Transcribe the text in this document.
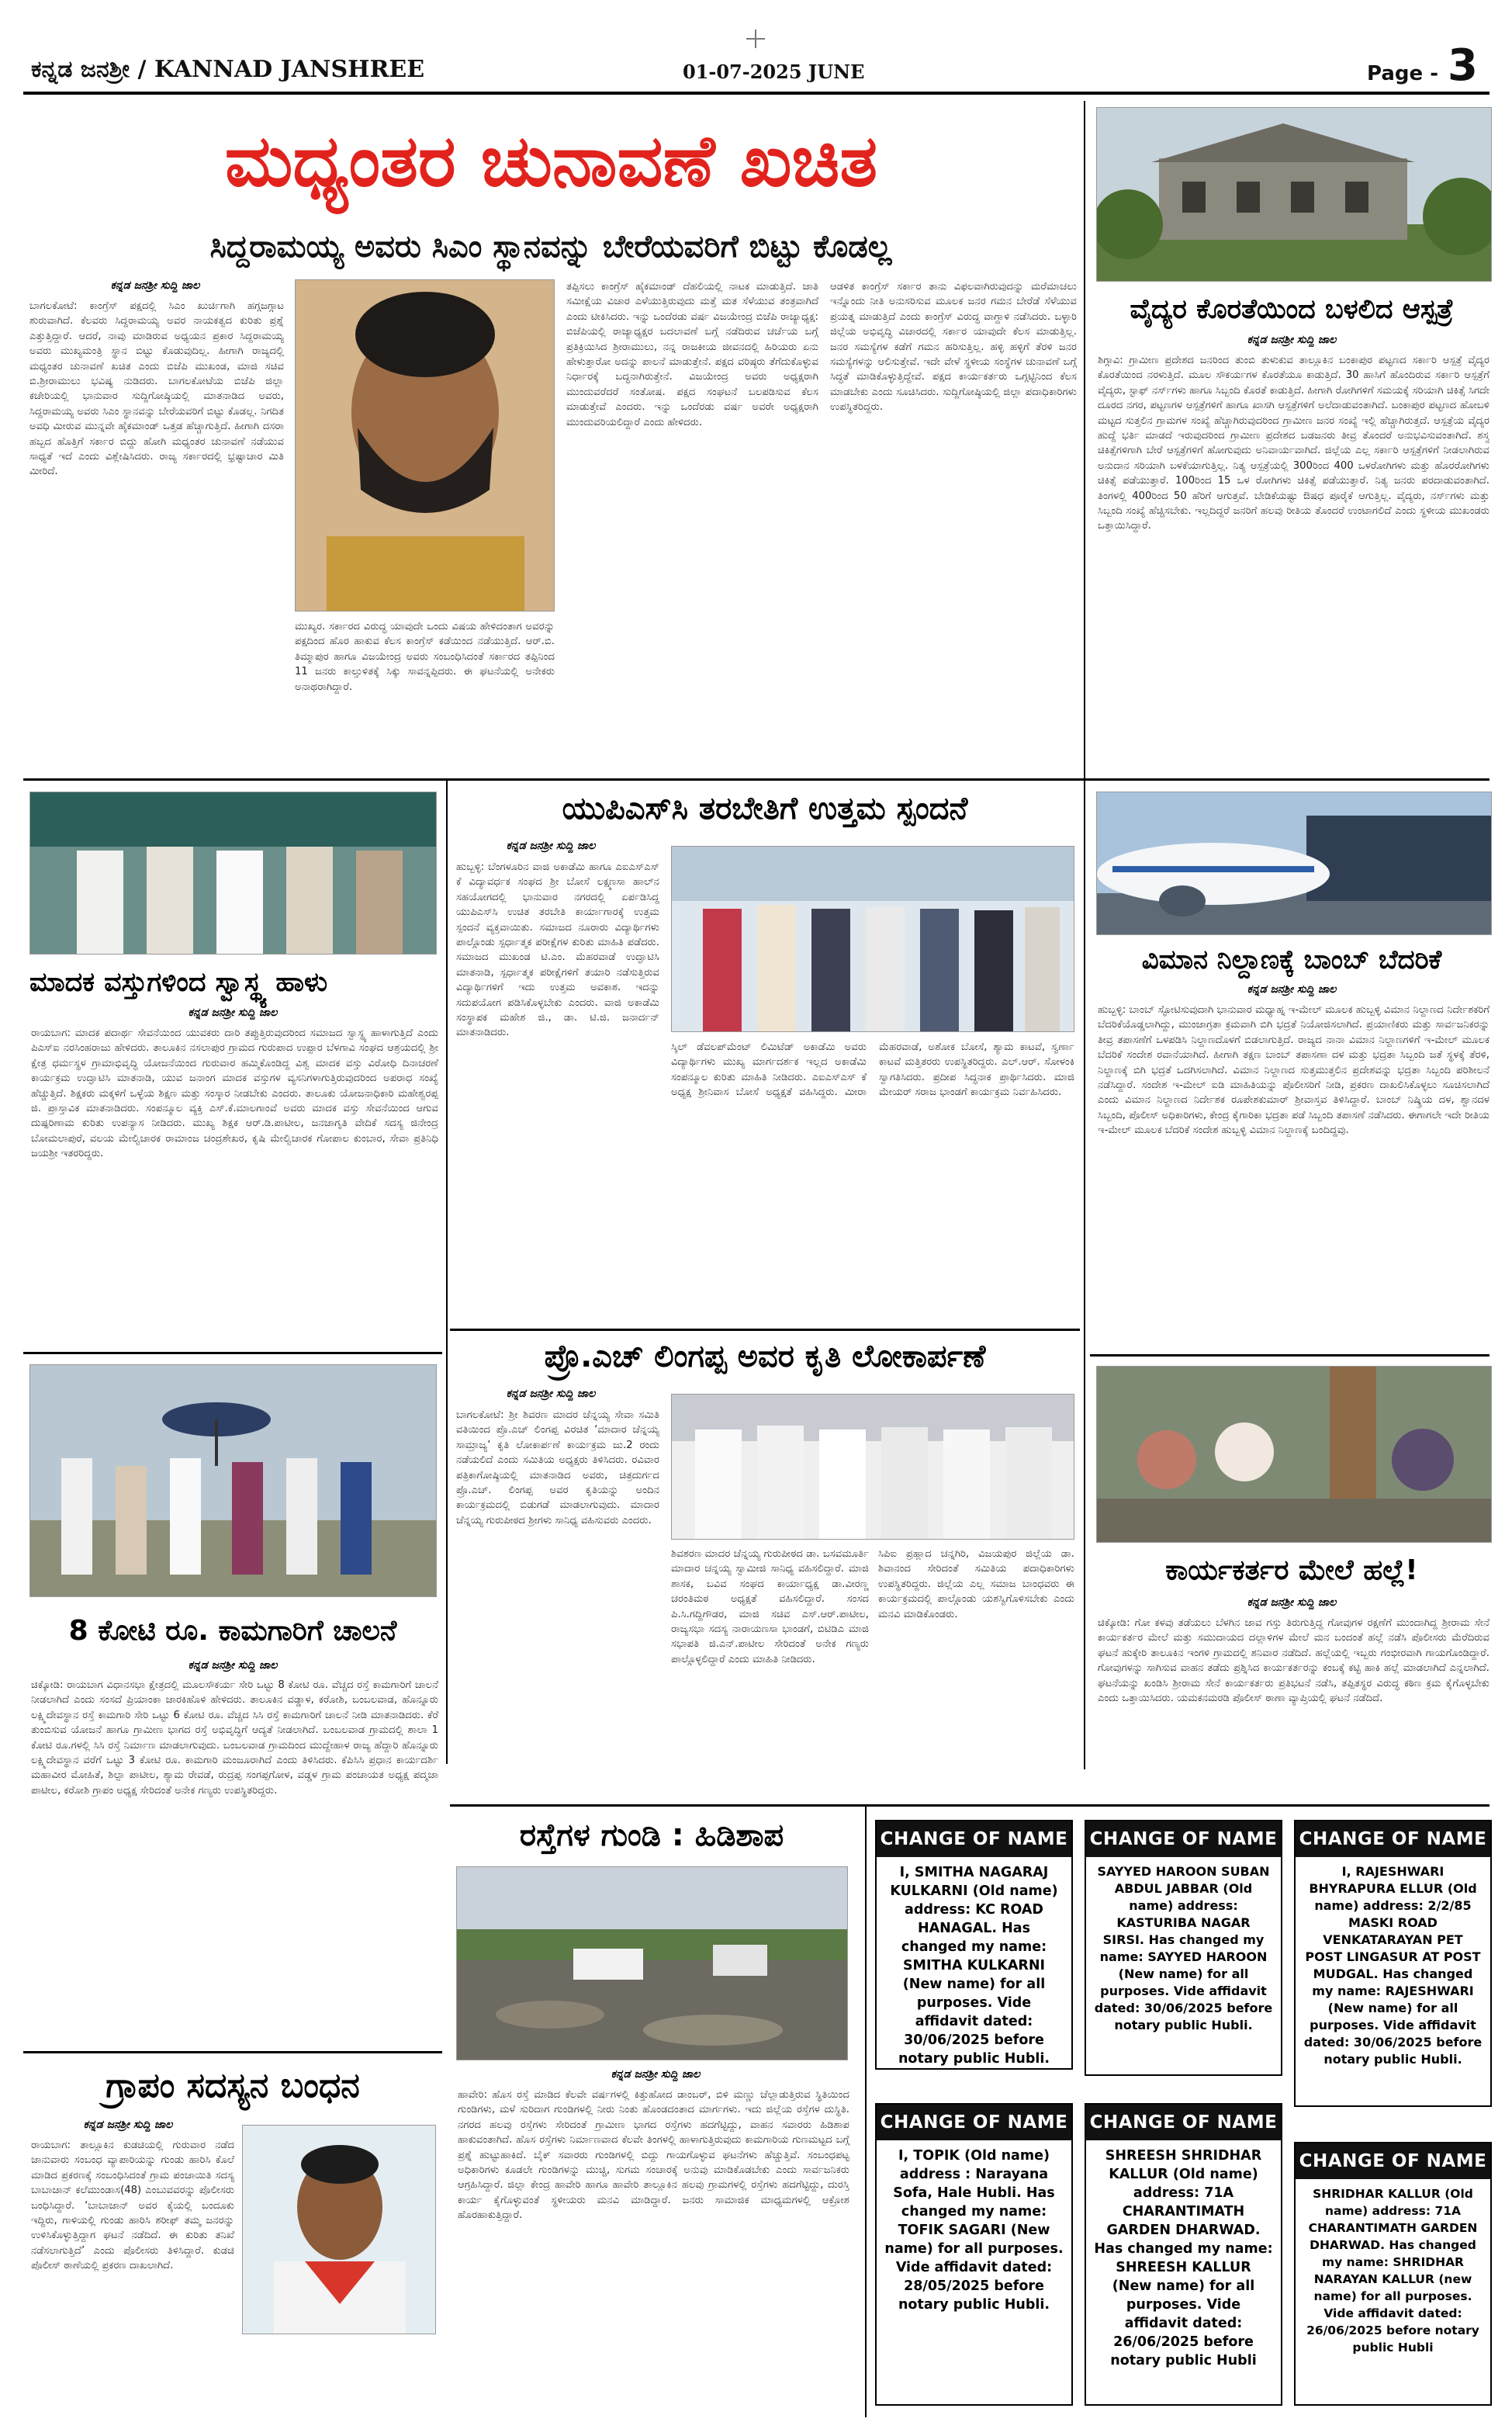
ಕನ್ನಡ ಜನಶ್ರೀ / KANNAD JANSHREE	01-07-2025 JUNE	Page - 3
ಮಧ್ಯಂತರ ಚುನಾವಣೆ ಖಚಿತ
ಸಿದ್ದರಾಮಯ್ಯ ಅವರು ಸಿಎಂ ಸ್ಥಾನವನ್ನು ಬೇರೆಯವರಿಗೆ ಬಿಟ್ಟು ಕೊಡಲ್ಲ
ಕನ್ನಡ ಜನಶ್ರೀ ಸುದ್ದಿ ಜಾಲ
ಬಾಗಲಕೋಟೆ: ಕಾಂಗ್ರೆಸ್ ಪಕ್ಷದಲ್ಲಿ ಸಿಎಂ ಖುರ್ಚಿಗಾಗಿ ಹಗ್ಗಜಗ್ಗಾಟ ಶುರುವಾಗಿದೆ. ಕೆಲವರು ಸಿದ್ದರಾಮಯ್ಯ ಅವರ ನಾಯಕತ್ವದ ಕುರಿತು ಪ್ರಶ್ನೆ ಎತ್ತುತ್ತಿದ್ದಾರೆ. ಆದರೆ, ನಾವು ಮಾಡಿರುವ ಅಧ್ಯಯನ ಪ್ರಕಾರ ಸಿದ್ದರಾಮಯ್ಯ ಅವರು ಮುಖ್ಯಮಂತ್ರಿ ಸ್ಥಾನ ಬಿಟ್ಟು ಕೊಡುವುದಿಲ್ಲ. ಹೀಗಾಗಿ ರಾಜ್ಯದಲ್ಲಿ ಮಧ್ಯಂತರ ಚುನಾವಣೆ ಖಚಿತ ಎಂದು ಬಿಜೆಪಿ ಮುಖಂಡ, ಮಾಜಿ ಸಚಿವ ಬಿ.ಶ್ರೀರಾಮುಲು ಭವಿಷ್ಯ ನುಡಿದರು. ಬಾಗಲಕೋಟೆಯ ಬಿಜೆಪಿ ಜಿಲ್ಲಾ ಕಚೇರಿಯಲ್ಲಿ ಭಾನುವಾರ ಸುದ್ದಿಗೋಷ್ಠಿಯಲ್ಲಿ ಮಾತನಾಡಿದ ಅವರು, ಸಿದ್ದರಾಮಯ್ಯ ಅವರು ಸಿಎಂ ಸ್ಥಾನವನ್ನು ಬೇರೆಯವರಿಗೆ ಬಿಟ್ಟು ಕೊಡಲ್ಲ. ನಿಗದಿತ ಅವಧಿ ಮೀರುವ ಮುನ್ನವೇ ಹೈಕಮಾಂಡ್ ಒತ್ತಡ ಹೆಚ್ಚಾಗುತ್ತಿದೆ. ಹೀಗಾಗಿ ದಸರಾ ಹಬ್ಬದ ಹೊತ್ತಿಗೆ ಸರ್ಕಾರ ಬಿದ್ದು ಹೋಗಿ ಮಧ್ಯಂತರ ಚುನಾವಣೆ ನಡೆಯುವ ಸಾಧ್ಯತೆ ಇದೆ ಎಂದು ವಿಶ್ಲೇಷಿಸಿದರು. ರಾಜ್ಯ ಸರ್ಕಾರದಲ್ಲಿ ಭ್ರಷ್ಟಾಚಾರ ಮಿತಿ ಮೀರಿದೆ.
ಮುಖ್ಯರ. ಸರ್ಕಾರದ ವಿರುದ್ಧ ಯಾವುದೇ ಒಂದು ವಿಷಯ ಹೇಳಿದಂತಾಗ ಅವರನ್ನು ಪಕ್ಷದಿಂದ ಹೊರ ಹಾಕುವ ಕೆಲಸ ಕಾಂಗ್ರೆಸ್ ಕಡೆಯಿಂದ ನಡೆಯುತ್ತಿದೆ. ಆರ್.ಬಿ. ತಿಮ್ಮಾಪುರ ಹಾಗೂ ವಿಜಯೇಂದ್ರ ಅವರು ಸಂಬಂಧಿಸಿದಂತೆ ಸರ್ಕಾರದ ತಪ್ಪಿನಿಂದ 11 ಜನರು ಕಾಲ್ತುಳಿತಕ್ಕೆ ಸಿಕ್ಕು ಸಾವನ್ನಪ್ಪಿದರು. ಈ ಘಟನೆಯಲ್ಲಿ ಅನೇಕರು ಅನಾಥರಾಗಿದ್ದಾರೆ.
ತಪ್ಪಿಸಲು ಕಾಂಗ್ರೆಸ್ ಹೈಕಮಾಂಡ್ ದೆಹಲಿಯಲ್ಲಿ ನಾಟಕ ಮಾಡುತ್ತಿದೆ. ಜಾತಿ ಸಮೀಕ್ಷೆಯ ವಿಚಾರ ಎಳೆಯುತ್ತಿರುವುದು ಮತ್ತೆ ಮತ ಸೆಳೆಯುವ ತಂತ್ರವಾಗಿದೆ ಎಂದು ಟೀಕಿಸಿದರು. ಇನ್ನು ಒಂದೆರಡು ವರ್ಷ ವಿಜಯೇಂದ್ರ ಬಿಜೆಪಿ ರಾಜ್ಯಾಧ್ಯಕ್ಷ: ಬಿಜೆಪಿಯಲ್ಲಿ ರಾಜ್ಯಾಧ್ಯಕ್ಷರ ಬದಲಾವಣೆ ಬಗ್ಗೆ ನಡೆದಿರುವ ಚರ್ಚೆಯ ಬಗ್ಗೆ ಪ್ರತಿಕ್ರಿಯಿಸಿದ ಶ್ರೀರಾಮುಲು, ನನ್ನ ರಾಜಕೀಯ ಜೀವನದಲ್ಲಿ ಹಿರಿಯರು ಏನು ಹೇಳುತ್ತಾರೋ ಅದನ್ನು ಪಾಲನೆ ಮಾಡುತ್ತೇನೆ. ಪಕ್ಷದ ವರಿಷ್ಠರು ತೆಗೆದುಕೊಳ್ಳುವ ನಿರ್ಧಾರಕ್ಕೆ ಬದ್ಧನಾಗಿರುತ್ತೇನೆ. ವಿಜಯೇಂದ್ರ ಅವರು ಅಧ್ಯಕ್ಷರಾಗಿ ಮುಂದುವರೆದರೆ ಸಂತೋಷ. ಪಕ್ಷದ ಸಂಘಟನೆ ಬಲಪಡಿಸುವ ಕೆಲಸ ಮಾಡುತ್ತೇವೆ ಎಂದರು. ಇನ್ನು ಒಂದೆರಡು ವರ್ಷ ಅವರೇ ಅಧ್ಯಕ್ಷರಾಗಿ ಮುಂದುವರಿಯಲಿದ್ದಾರೆ ಎಂದು ಹೇಳಿದರು.
ಆಡಳಿತ ಕಾಂಗ್ರೆಸ್ ಸರ್ಕಾರ ತಾನು ವಿಫಲವಾಗಿರುವುದನ್ನು ಮರೆಮಾಚಲು ಇನ್ನೊಂದು ನೀತಿ ಅನುಸರಿಸುವ ಮೂಲಕ ಜನರ ಗಮನ ಬೇರೆಡೆ ಸೆಳೆಯುವ ಪ್ರಯತ್ನ ಮಾಡುತ್ತಿದೆ ಎಂದು ಕಾಂಗ್ರೆಸ್ ವಿರುದ್ಧ ವಾಗ್ದಾಳಿ ನಡೆಸಿದರು. ಬಳ್ಳಾರಿ ಜಿಲ್ಲೆಯ ಅಭಿವೃದ್ಧಿ ವಿಚಾರದಲ್ಲಿ ಸರ್ಕಾರ ಯಾವುದೇ ಕೆಲಸ ಮಾಡುತ್ತಿಲ್ಲ. ಜನರ ಸಮಸ್ಯೆಗಳ ಕಡೆಗೆ ಗಮನ ಹರಿಸುತ್ತಿಲ್ಲ. ಹಳ್ಳಿ ಹಳ್ಳಿಗೆ ತೆರಳಿ ಜನರ ಸಮಸ್ಯೆಗಳನ್ನು ಆಲಿಸುತ್ತೇವೆ. ಇದೇ ವೇಳೆ ಸ್ಥಳೀಯ ಸಂಸ್ಥೆಗಳ ಚುನಾವಣೆ ಬಗ್ಗೆ ಸಿದ್ಧತೆ ಮಾಡಿಕೊಳ್ಳುತ್ತಿದ್ದೇವೆ. ಪಕ್ಷದ ಕಾರ್ಯಕರ್ತರು ಒಗ್ಗಟ್ಟಿನಿಂದ ಕೆಲಸ ಮಾಡಬೇಕು ಎಂದು ಸೂಚಿಸಿದರು. ಸುದ್ದಿಗೋಷ್ಠಿಯಲ್ಲಿ ಜಿಲ್ಲಾ ಪದಾಧಿಕಾರಿಗಳು ಉಪಸ್ಥಿತರಿದ್ದರು.
ವೈದ್ಯರ ಕೊರತೆಯಿಂದ ಬಳಲಿದ ಆಸ್ಪತ್ರೆ
ಕನ್ನಡ ಜನಶ್ರೀ ಸುದ್ದಿ ಜಾಲ
ಶಿಗ್ಗಾವಿ: ಗ್ರಾಮೀಣ ಪ್ರದೇಶದ ಜನರಿಂದ ತುಂಬಿ ತುಳುಕುವ ತಾಲ್ಲೂಕಿನ ಬಂಕಾಪುರ ಪಟ್ಟಣದ ಸರ್ಕಾರಿ ಆಸ್ಪತ್ರೆ ವೈದ್ಯರ ಕೊರತೆಯಿಂದ ನರಳುತ್ತಿದೆ. ಮೂಲ ಸೌಕರ್ಯಗಳ ಕೊರತೆಯೂ ಕಾಡುತ್ತಿದೆ. 30 ಹಾಸಿಗೆ ಹೊಂದಿರುವ ಸರ್ಕಾರಿ ಆಸ್ಪತ್ರೆಗೆ ವೈದ್ಯರು, ಸ್ಟಾಫ್ ನರ್ಸ್‌ಗಳು ಹಾಗೂ ಸಿಬ್ಬಂದಿ ಕೊರತೆ ಕಾಡುತ್ತಿದೆ. ಹೀಗಾಗಿ ರೋಗಿಗಳಿಗೆ ಸಮಯಕ್ಕೆ ಸರಿಯಾಗಿ ಚಿಕಿತ್ಸೆ ಸಿಗದೇ ದೂರದ ನಗರ, ಪಟ್ಟಣಗಳ ಆಸ್ಪತ್ರೆಗಳಿಗೆ ಹಾಗೂ ಖಾಸಗಿ ಆಸ್ಪತ್ರೆಗಳಿಗೆ ಅಲೆದಾಡುವಂತಾಗಿದೆ. ಬಂಕಾಪುರ ಪಟ್ಟಣದ ಹೋಬಳಿ ಮಟ್ಟದ ಸುತ್ತಲಿನ ಗ್ರಾಮಗಳ ಸಂಖ್ಯೆ ಹೆಚ್ಚಾಗಿರುವುದರಿಂದ ಗ್ರಾಮೀಣ ಜನರ ಸಂಖ್ಯೆ ಇಲ್ಲಿ ಹೆಚ್ಚಾಗಿರುತ್ತದೆ. ಆಸ್ಪತ್ರೆಯ ವೈದ್ಯರ ಹುದ್ದೆ ಭರ್ತಿ ಮಾಡದೆ ಇರುವುದರಿಂದ ಗ್ರಾಮೀಣ ಪ್ರದೇಶದ ಬಡಜನರು ತೀವ್ರ ತೊಂದರೆ ಅನುಭವಿಸುವಂತಾಗಿದೆ. ಶಸ್ತ್ರ ಚಿಕಿತ್ಸೆಗಳಿಗಾಗಿ ಬೇರೆ ಆಸ್ಪತ್ರೆಗಳಿಗೆ ಹೋಗುವುದು ಅನಿವಾರ್ಯವಾಗಿದೆ. ಜಿಲ್ಲೆಯ ಎಲ್ಲ ಸರ್ಕಾರಿ ಆಸ್ಪತ್ರೆಗಳಿಗೆ ನೀಡಲಾಗಿರುವ ಅನುದಾನ ಸರಿಯಾಗಿ ಬಳಕೆಯಾಗುತ್ತಿಲ್ಲ. ನಿತ್ಯ ಆಸ್ಪತ್ರೆಯಲ್ಲಿ 300ರಿಂದ 400 ಒಳರೋಗಿಗಳು ಮತ್ತು ಹೊರರೋಗಿಗಳು ಚಿಕಿತ್ಸೆ ಪಡೆಯುತ್ತಾರೆ. 100ರಿಂದ 15 ಒಳ ರೋಗಿಗಳು ಚಿಕಿತ್ಸೆ ಪಡೆಯುತ್ತಾರೆ. ನಿತ್ಯ ಜನರು ಪರದಾಡುವಂತಾಗಿದೆ. ತಿಂಗಳಲ್ಲಿ 400ರಿಂದ 50 ಹೆರಿಗೆ ಆಗುತ್ತವೆ. ಬೇಡಿಕೆಯಷ್ಟು ಔಷಧ ಪೂರೈಕೆ ಆಗುತ್ತಿಲ್ಲ. ವೈದ್ಯರು, ನರ್ಸ್‌ಗಳು ಮತ್ತು ಸಿಬ್ಬಂದಿ ಸಂಖ್ಯೆ ಹೆಚ್ಚಿಸಬೇಕು. ಇಲ್ಲದಿದ್ದರೆ ಜನರಿಗೆ ಹಲವು ರೀತಿಯ ತೊಂದರೆ ಉಂಟಾಗಲಿದೆ ಎಂದು ಸ್ಥಳೀಯ ಮುಖಂಡರು ಒತ್ತಾಯಿಸಿದ್ದಾರೆ.
ಮಾದಕ ವಸ್ತುಗಳಿಂದ ಸ್ವಾಸ್ಥ್ಯ ಹಾಳು
ಕನ್ನಡ ಜನಶ್ರೀ ಸುದ್ದಿ ಜಾಲ
ರಾಯಬಾಗ: ಮಾದಕ ಪದಾರ್ಥ ಸೇವನೆಯಿಂದ ಯುವಕರು ದಾರಿ ತಪ್ಪುತ್ತಿರುವುದರಿಂದ ಸಮಾಜದ ಸ್ವಾಸ್ಥ್ಯ ಹಾಳಾಗುತ್ತಿದೆ ಎಂದು ಪಿಎಸ್‌ಐ ನರಸಿಂಹರಾಜು ಹೇಳಿದರು. ತಾಲೂಕಿನ ನಸಲಾಪುರ ಗ್ರಾಮದ ಗುರುಪಾದ ಉಪ್ಪಾರ ಬೆಳಗಾವಿ ಸಂಘದ ಆಶ್ರಯದಲ್ಲಿ ಶ್ರೀ ಕ್ಷೇತ್ರ ಧರ್ಮಸ್ಥಳ ಗ್ರಾಮಾಭಿವೃದ್ಧಿ ಯೋಜನೆಯಿಂದ ಗುರುವಾರ ಹಮ್ಮಿಕೊಂಡಿದ್ದ ವಿಶ್ವ ಮಾದಕ ವಸ್ತು ವಿರೋಧಿ ದಿನಾಚರಣೆ ಕಾರ್ಯಕ್ರಮ ಉದ್ಘಾಟಿಸಿ ಮಾತನಾಡಿ, ಯುವ ಜನಾಂಗ ಮಾದಕ ವಸ್ತುಗಳ ವ್ಯಸನಿಗಳಾಗುತ್ತಿರುವುದರಿಂದ ಅಪರಾಧ ಸಂಖ್ಯೆ ಹೆಚ್ಚುತ್ತಿದೆ. ಶಿಕ್ಷಕರು ಮಕ್ಕಳಿಗೆ ಒಳ್ಳೆಯ ಶಿಕ್ಷಣ ಮತ್ತು ಸಂಸ್ಕಾರ ನೀಡಬೇಕು ಎಂದರು. ತಾಲೂಕು ಯೋಜನಾಧಿಕಾರಿ ಮಹೇಶ್ವರಪ್ಪ ಜಿ. ಪ್ರಾಸ್ತಾವಿಕ ಮಾತನಾಡಿದರು. ಸಂಪನ್ಮೂಲ ವ್ಯಕ್ತಿ ಎಸ್.ಕೆ.ಮಾಲಗಾಂವೆ ಅವರು ಮಾದಕ ವಸ್ತು ಸೇವನೆಯಿಂದ ಆಗುವ ದುಷ್ಪರಿಣಾಮ ಕುರಿತು ಉಪನ್ಯಾಸ ನೀಡಿದರು. ಮುಖ್ಯ ಶಿಕ್ಷಕ ಆರ್.ಡಿ.ಪಾಟೀಲ, ಜನಜಾಗೃತಿ ವೇದಿಕೆ ಸದಸ್ಯ ಜಿನೇಂದ್ರ ಬೋಮಲಾಪುರೆ, ವಲಯ ಮೇಲ್ವಿಚಾರಕ ರಾಮಾಂಜ ಚಂದ್ರಶೇಖರ, ಕೃಷಿ ಮೇಲ್ವಿಚಾರಕ ಗೋಪಾಲ ಕುಂಬಾರ, ಸೇವಾ ಪ್ರತಿನಿಧಿ ಜಯಶ್ರೀ ಇತರರಿದ್ದರು.
ಯುಪಿಎಸ್‌ಸಿ ತರಬೇತಿಗೆ ಉತ್ತಮ ಸ್ಪಂದನೆ
ಕನ್ನಡ ಜನಶ್ರೀ ಸುದ್ದಿ ಜಾಲ
ಹುಬ್ಬಳ್ಳಿ: ಬೆಂಗಳೂರಿನ ವಾಜಿ ಅಕಾಡೆಮಿ ಹಾಗೂ ಎಐಎಸ್‌ಎಸ್ ಕೆ ವಿದ್ಯಾವರ್ಧಕ ಸಂಘದ ಶ್ರೀ ಬೋಸೆ ಲಕ್ಷ್ಮಣಸಾ ಹಾಲ್‌ನ ಸಹಯೋಗದಲ್ಲಿ ಭಾನುವಾರ ನಗರದಲ್ಲಿ ಏರ್ಪಡಿಸಿದ್ದ ಯುಪಿಎಸ್‌ಸಿ ಉಚಿತ ತರಬೇತಿ ಕಾರ್ಯಾಗಾರಕ್ಕೆ ಉತ್ತಮ ಸ್ಪಂದನೆ ವ್ಯಕ್ತವಾಯಿತು. ಸಮಾಜದ ನೂರಾರು ವಿದ್ಯಾರ್ಥಿಗಳು ಪಾಲ್ಗೊಂಡು ಸ್ಪರ್ಧಾತ್ಮಕ ಪರೀಕ್ಷೆಗಳ ಕುರಿತು ಮಾಹಿತಿ ಪಡೆದರು. ಸಮಾಜದ ಮುಖಂಡ ಟಿ.ಎಂ. ಮೆಹರವಾಡೆ ಉದ್ಘಾಟಿಸಿ ಮಾತನಾಡಿ, ಸ್ಪರ್ಧಾತ್ಮಕ ಪರೀಕ್ಷೆಗಳಿಗೆ ತಯಾರಿ ನಡೆಸುತ್ತಿರುವ ವಿದ್ಯಾರ್ಥಿಗಳಿಗೆ ಇದು ಉತ್ತಮ ಅವಕಾಶ. ಇದನ್ನು ಸದುಪಯೋಗ ಪಡಿಸಿಕೊಳ್ಳಬೇಕು ಎಂದರು. ವಾಜಿ ಅಕಾಡೆಮಿ ಸಂಸ್ಥಾಪಕ ಮಹೇಶ ಜಿ., ಡಾ. ಟಿ.ಜಿ. ಜನಾರ್ದನ್ ಮಾತನಾಡಿದರು.
ಸ್ಕಿಲ್ ಡೆವಲಪ್‌ಮೆಂಟ್ ಲಿಮಿಟೆಡ್ ಅಕಾಡೆಮಿ ಅವರು ವಿದ್ಯಾರ್ಥಿಗಳು ಮುಖ್ಯ ಮಾರ್ಗದರ್ಶಕ ಇಲ್ಲದ ಅಕಾಡೆಮಿ ಸಂಪನ್ಮೂಲ ಕುರಿತು ಮಾಹಿತಿ ನೀಡಿದರು. ಎಐಎಸ್‌ಎಸ್ ಕೆ ಅಧ್ಯಕ್ಷ ಶ್ರೀನಿವಾಸ ಬೋಸೆ ಅಧ್ಯಕ್ಷತೆ ವಹಿಸಿದ್ದರು. ಮೀರಾ ಮೆಹರವಾಡೆ, ಅಶೋಕ ಬೋಸೆ, ಶ್ಯಾಮ ಕಾಟವೆ, ಸ್ವರ್ಣಾ ಕಾಟವೆ ಮತ್ತಿತರರು ಉಪಸ್ಥಿತರಿದ್ದರು. ಎಲ್.ಆರ್. ಸೋಳಂಕಿ ಸ್ವಾಗತಿಸಿದರು. ಪ್ರದೀಪ ಸಿದ್ಧನಾಕ ಪ್ರಾರ್ಥಿಸಿದರು. ಮಾಜಿ ಮೇಯರ್ ಸರಾಜ ಭಾಂಡಗೆ ಕಾರ್ಯಕ್ರಮ ನಿರ್ವಹಿಸಿದರು.
ವಿಮಾನ ನಿಲ್ದಾಣಕ್ಕೆ ಬಾಂಬ್ ಬೆದರಿಕೆ
ಕನ್ನಡ ಜನಶ್ರೀ ಸುದ್ದಿ ಜಾಲ
ಹುಬ್ಬಳ್ಳಿ: ಬಾಂಬ್ ಸ್ಫೋಟಿಸುವುದಾಗಿ ಭಾನುವಾರ ಮಧ್ಯಾಹ್ನ ಇ-ಮೇಲ್ ಮೂಲಕ ಹುಬ್ಬಳ್ಳಿ ವಿಮಾನ ನಿಲ್ದಾಣದ ನಿರ್ದೇಶಕರಿಗೆ ಬೆದರಿಕೆಯೊಡ್ಡಲಾಗಿದ್ದು, ಮುಂಜಾಗ್ರತಾ ಕ್ರಮವಾಗಿ ಬಿಗಿ ಭದ್ರತೆ ನಿಯೋಜಿಸಲಾಗಿದೆ. ಪ್ರಯಾಣಿಕರು ಮತ್ತು ಸಾರ್ವಜನಿಕರನ್ನು ತೀವ್ರ ತಪಾಸಣೆಗೆ ಒಳಪಡಿಸಿ ನಿಲ್ದಾಣದೊಳಗೆ ಬಿಡಲಾಗುತ್ತಿದೆ. ರಾಜ್ಯದ ನಾನಾ ವಿಮಾನ ನಿಲ್ದಾಣಗಳಿಗೆ ಇ-ಮೇಲ್ ಮೂಲಕ ಬೆದರಿಕೆ ಸಂದೇಶ ರವಾನೆಯಾಗಿದೆ. ಹೀಗಾಗಿ ತಕ್ಷಣ ಬಾಂಬ್ ತಪಾಸಣಾ ದಳ ಮತ್ತು ಭದ್ರತಾ ಸಿಬ್ಬಂದಿ ಜತೆ ಸ್ಥಳಕ್ಕೆ ತೆರಳಿ, ನಿಲ್ದಾಣಕ್ಕೆ ಬಿಗಿ ಭದ್ರತೆ ಒದಗಿಸಲಾಗಿದೆ. ವಿಮಾನ ನಿಲ್ದಾಣದ ಸುತ್ತಮುತ್ತಲಿನ ಪ್ರದೇಶವನ್ನು ಭದ್ರತಾ ಸಿಬ್ಬಂದಿ ಪರಿಶೀಲನೆ ನಡೆಸಿದ್ದಾರೆ. ಸಂದೇಶ ಇ-ಮೇಲ್ ಐಡಿ ಮಾಹಿತಿಯನ್ನು ಪೊಲೀಸರಿಗೆ ನೀಡಿ, ಪ್ರಕರಣ ದಾಖಲಿಸಿಕೊಳ್ಳಲು ಸೂಚಿಸಲಾಗಿದೆ ಎಂದು ವಿಮಾನ ನಿಲ್ದಾಣದ ನಿರ್ದೇಶಕ ರೂಪೇಶಕುಮಾರ್ ಶ್ರೀವಾಸ್ತವ ತಿಳಿಸಿದ್ದಾರೆ. ಬಾಂಬ್ ನಿಷ್ಕ್ರಿಯ ದಳ, ಶ್ವಾನದಳ ಸಿಬ್ಬಂದಿ, ಪೊಲೀಸ್ ಅಧಿಕಾರಿಗಳು, ಕೇಂದ್ರ ಕೈಗಾರಿಕಾ ಭದ್ರತಾ ಪಡೆ ಸಿಬ್ಬಂದಿ ತಪಾಸಣೆ ನಡೆಸಿದರು. ಈಗಾಗಲೇ ಇದೇ ರೀತಿಯ ಇ-ಮೇಲ್ ಮೂಲಕ ಬೆದರಿಕೆ ಸಂದೇಶ ಹುಬ್ಬಳ್ಳಿ ವಿಮಾನ ನಿಲ್ದಾಣಕ್ಕೆ ಬಂದಿದ್ದವು.
ಪ್ರೊ.ಎಚ್ ಲಿಂಗಪ್ಪ ಅವರ ಕೃತಿ ಲೋಕಾರ್ಪಣೆ
ಕನ್ನಡ ಜನಶ್ರೀ ಸುದ್ದಿ ಜಾಲ
ಬಾಗಲಕೋಟೆ: ಶ್ರೀ ಶಿವರಣ ಮಾದರ ಚೆನ್ನಯ್ಯ ಸೇವಾ ಸಮಿತಿ ವತಿಯಿಂದ ಪ್ರೊ.ಎಚ್ ಲಿಂಗಪ್ಪ ವಿರಚಿತ ‘ಮಾದಾರ ಚೆನ್ನಯ್ಯ ಸಾಮ್ರಾಜ್ಯ’ ಕೃತಿ ಲೋಕಾರ್ಪಣೆ ಕಾರ್ಯಕ್ರಮ ಜು.2 ರಂದು ನಡೆಯಲಿದೆ ಎಂದು ಸಮಿತಿಯ ಅಧ್ಯಕ್ಷರು ತಿಳಿಸಿದರು. ರವಿವಾರ ಪತ್ರಿಕಾಗೋಷ್ಠಿಯಲ್ಲಿ ಮಾತನಾಡಿದ ಅವರು, ಚಿತ್ರದುರ್ಗದ ಪ್ರೊ.ಎಚ್. ಲಿಂಗಪ್ಪ ಅವರ ಕೃತಿಯನ್ನು ಅಂದಿನ ಕಾರ್ಯಕ್ರಮದಲ್ಲಿ ಬಿಡುಗಡೆ ಮಾಡಲಾಗುವುದು. ಮಾದಾರ ಚೆನ್ನಯ್ಯ ಗುರುಪೀಠದ ಶ್ರೀಗಳು ಸಾನಿಧ್ಯ ವಹಿಸುವರು ಎಂದರು.
ಶಿವಶರಣ ಮಾದರ ಚೆನ್ನಯ್ಯ ಗುರುಪೀಠದ ಡಾ. ಬಸವಮೂರ್ತಿ ಮಾದಾರ ಚನ್ನಯ್ಯ ಸ್ವಾಮೀಜಿ ಸಾನಿಧ್ಯ ವಹಿಸಲಿದ್ದಾರೆ. ಮಾಜಿ ಶಾಸಕ, ಬವಿವ ಸಂಘದ ಕಾರ್ಯಾಧ್ಯಕ್ಷ ಡಾ.ವೀರಣ್ಣ ಚರಂತಿಮಠ ಅಧ್ಯಕ್ಷತೆ ವಹಿಸಲಿದ್ದಾರೆ. ಸಂಸದ ಪಿ.ಸಿ.ಗದ್ದಿಗೌಡರ, ಮಾಜಿ ಸಚಿವ ಎಸ್.ಆರ್.ಪಾಟೀಲ, ರಾಜ್ಯಸಭಾ ಸದಸ್ಯ ನಾರಾಯಣಸಾ ಭಾಂಡಗೆ, ಬಿಟಿಡಿಎ ಮಾಜಿ ಸಭಾಪತಿ ಜಿ.ಎನ್.ಪಾಟೀಲ ಸೇರಿದಂತೆ ಅನೇಕ ಗಣ್ಯರು ಪಾಲ್ಗೊಳ್ಳಲಿದ್ದಾರೆ ಎಂದು ಮಾಹಿತಿ ನೀಡಿದರು.
ಸಿಪಿಐ ಪ್ರಹ್ಲಾದ ಚನ್ನಗಿರಿ, ವಿಜಯಪುರ ಜಿಲ್ಲೆಯ ಡಾ. ಶಿವಾನಂದ ಸೇರಿದಂತೆ ಸಮಿತಿಯ ಪದಾಧಿಕಾರಿಗಳು ಉಪಸ್ಥಿತರಿದ್ದರು. ಜಿಲ್ಲೆಯ ಎಲ್ಲ ಸಮಾಜ ಬಾಂಧವರು ಈ ಕಾರ್ಯಕ್ರಮದಲ್ಲಿ ಪಾಲ್ಗೊಂಡು ಯಶಸ್ವಿಗೊಳಿಸಬೇಕು ಎಂದು ಮನವಿ ಮಾಡಿಕೊಂಡರು.
8 ಕೋಟಿ ರೂ. ಕಾಮಗಾರಿಗೆ ಚಾಲನೆ
ಕನ್ನಡ ಜನಶ್ರೀ ಸುದ್ದಿ ಜಾಲ
ಚಿಕ್ಕೋಡಿ: ರಾಯಬಾಗ ವಿಧಾನಸಭಾ ಕ್ಷೇತ್ರದಲ್ಲಿ ಮೂಲಸೌಕರ್ಯ ಸೇರಿ ಒಟ್ಟು 8 ಕೋಟಿ ರೂ. ವೆಚ್ಚದ ರಸ್ತೆ ಕಾಮಗಾರಿಗೆ ಚಾಲನೆ ನೀಡಲಾಗಿದೆ ಎಂದು ಸಂಸದೆ ಪ್ರಿಯಾಂಕಾ ಜಾರಕಿಹೊಳಿ ಹೇಳಿದರು. ತಾಲೂಕಿನ ವಡ್ಡಾಳ, ಕರೋಶಿ, ಬಂಬಲವಾಡ, ಹೊನ್ನೂರು ಲಕ್ಷ್ಮಿದೇವಸ್ಥಾನ ರಸ್ತೆ ಕಾಮಗಾರಿ ಸೇರಿ ಒಟ್ಟು 6 ಕೋಟಿ ರೂ. ವೆಚ್ಚದ ಸಿಸಿ ರಸ್ತೆ ಕಾಮಗಾರಿಗೆ ಚಾಲನೆ ನೀಡಿ ಮಾತನಾಡಿದರು. ಕೆರೆ ತುಂಬಿಸುವ ಯೋಜನೆ ಹಾಗೂ ಗ್ರಾಮೀಣ ಭಾಗದ ರಸ್ತೆ ಅಭಿವೃದ್ಧಿಗೆ ಆದ್ಯತೆ ನೀಡಲಾಗಿದೆ. ಬಂಬಲವಾಡ ಗ್ರಾಮದಲ್ಲಿ ಶಾಲಾ 1 ಕೋಟಿ ರೂ.ಗಳಲ್ಲಿ ಸಿಸಿ ರಸ್ತೆ ನಿರ್ಮಾಣ ಮಾಡಲಾಗುವುದು. ಬಂಬಲವಾಡ ಗ್ರಾಮದಿಂದ ಮುದ್ದೇಹಾಳ ರಾಜ್ಯ ಹೆದ್ದಾರಿ ಹೊನ್ನೂರು ಲಕ್ಷ್ಮಿದೇವಸ್ಥಾನ ವರೆಗೆ ಒಟ್ಟು 3 ಕೋಟಿ ರೂ. ಕಾಮಗಾರಿ ಮಂಜೂರಾಗಿದೆ ಎಂದು ತಿಳಿಸಿದರು. ಕೆಪಿಸಿಸಿ ಪ್ರಧಾನ ಕಾರ್ಯದರ್ಶಿ ಮಹಾವೀರ ಮೋಹಿತೆ, ಶಿಲ್ಪಾ ಪಾಟೀಲ, ಶ್ಯಾಮ ರೇವಡೆ, ರುದ್ರಪ್ಪ ಸಂಗಪ್ಪಗೋಳ, ವಡ್ಡಳ ಗ್ರಾಮ ಪಂಚಾಯತ ಅಧ್ಯಕ್ಷ ಪದ್ಮಜಾ ಪಾಟೀಲ, ಕರೋಶಿ ಗ್ರಾಪಂ ಅಧ್ಯಕ್ಷ ಸೇರಿದಂತೆ ಅನೇಕ ಗಣ್ಯರು ಉಪಸ್ಥಿತರಿದ್ದರು.
ಕಾರ್ಯಕರ್ತರ ಮೇಲೆ ಹಲ್ಲೆ!
ಕನ್ನಡ ಜನಶ್ರೀ ಸುದ್ದಿ ಜಾಲ
ಚಿಕ್ಕೋಡಿ: ಗೋ ಕಳವು ತಡೆಯಲು ಬೆಳಗಿನ ಜಾವ ಗಸ್ತು ತಿರುಗುತ್ತಿದ್ದ ಗೋವುಗಳ ರಕ್ಷಣೆಗೆ ಮುಂದಾಗಿದ್ದ ಶ್ರೀರಾಮ ಸೇನೆ ಕಾರ್ಯಕರ್ತರ ಮೇಲೆ ಮತ್ತು ಸಮುದಾಯದ ದಲ್ಲಾಳಿಗಳ ಮೇಲೆ ಮನ ಬಂದಂತೆ ಹಲ್ಲೆ ನಡೆಸಿ ಪೊಲೀಸರು ಮೆರೆದಿರುವ ಘಟನೆ ಹುಕ್ಕೇರಿ ತಾಲೂಕಿನ ಇಂಗಳಿ ಗ್ರಾಮದಲ್ಲಿ ಶನಿವಾರ ನಡೆದಿದೆ. ಹಲ್ಲೆಯಲ್ಲಿ ಇಬ್ಬರು ಗಂಭೀರವಾಗಿ ಗಾಯಗೊಂಡಿದ್ದಾರೆ. ಗೋವುಗಳನ್ನು ಸಾಗಿಸುವ ವಾಹನ ತಡೆದು ಪ್ರಶ್ನಿಸಿದ ಕಾರ್ಯಕರ್ತರನ್ನು ಕಂಬಕ್ಕೆ ಕಟ್ಟಿ ಹಾಕಿ ಹಲ್ಲೆ ಮಾಡಲಾಗಿದೆ ಎನ್ನಲಾಗಿದೆ. ಘಟನೆಯನ್ನು ಖಂಡಿಸಿ ಶ್ರೀರಾಮ ಸೇನೆ ಕಾರ್ಯಕರ್ತರು ಪ್ರತಿಭಟನೆ ನಡೆಸಿ, ತಪ್ಪಿತಸ್ಥರ ವಿರುದ್ಧ ಕಠಿಣ ಕ್ರಮ ಕೈಗೊಳ್ಳಬೇಕು ಎಂದು ಒತ್ತಾಯಿಸಿದರು. ಯಮಕನಮರಡಿ ಪೊಲೀಸ್ ಠಾಣಾ ವ್ಯಾಪ್ತಿಯಲ್ಲಿ ಘಟನೆ ನಡೆದಿದೆ.
ರಸ್ತೆಗಳ ಗುಂಡಿ : ಹಿಡಿಶಾಪ
ಕನ್ನಡ ಜನಶ್ರೀ ಸುದ್ದಿ ಜಾಲ
ಹಾವೇರಿ: ಹೊಸ ರಸ್ತೆ ಮಾಡಿದ ಕೆಲವೇ ವರ್ಷಗಳಲ್ಲಿ ಕಿತ್ತುಹೋದ ಡಾಂಬರ್, ಬಿಳಿ ಮಣ್ಣು ಚೆಲ್ಲಾಡುತ್ತಿರುವ ಸ್ಥಿತಿಯಿಂದ ಗುಂಡಿಗಳು, ಮಳೆ ಸುರಿದಾಗ ಗುಂಡಿಗಳಲ್ಲಿ ನೀರು ನಿಂತು ಹೊಂಡದಂತಾದ ಮಾರ್ಗಗಳು. ಇದು ಜಿಲ್ಲೆಯ ರಸ್ತೆಗಳ ದುಸ್ಥಿತಿ. ನಗರದ ಹಲವು ರಸ್ತೆಗಳು ಸೇರಿದಂತೆ ಗ್ರಾಮೀಣ ಭಾಗದ ರಸ್ತೆಗಳು ಹದಗೆಟ್ಟಿದ್ದು, ವಾಹನ ಸವಾರರು ಹಿಡಿಶಾಪ ಹಾಕುವಂತಾಗಿದೆ. ಹೊಸ ರಸ್ತೆಗಳು ನಿರ್ಮಾಣವಾದ ಕೆಲವೇ ತಿಂಗಳಲ್ಲಿ ಹಾಳಾಗುತ್ತಿರುವುದು ಕಾಮಗಾರಿಯ ಗುಣಮಟ್ಟದ ಬಗ್ಗೆ ಪ್ರಶ್ನೆ ಹುಟ್ಟುಹಾಕಿದೆ. ಬೈಕ್ ಸವಾರರು ಗುಂಡಿಗಳಲ್ಲಿ ಬಿದ್ದು ಗಾಯಗೊಳ್ಳುವ ಘಟನೆಗಳು ಹೆಚ್ಚುತ್ತಿವೆ. ಸಂಬಂಧಪಟ್ಟ ಅಧಿಕಾರಿಗಳು ಕೂಡಲೇ ಗುಂಡಿಗಳನ್ನು ಮುಚ್ಚಿ, ಸುಗಮ ಸಂಚಾರಕ್ಕೆ ಅನುವು ಮಾಡಿಕೊಡಬೇಕು ಎಂದು ಸಾರ್ವಜನಿಕರು ಆಗ್ರಹಿಸಿದ್ದಾರೆ. ಜಿಲ್ಲಾ ಕೇಂದ್ರ ಹಾವೇರಿ ಹಾಗೂ ಹಾವೇರಿ ತಾಲ್ಲೂಕಿನ ಹಲವು ಗ್ರಾಮಗಳಲ್ಲಿ ರಸ್ತೆಗಳು ಹದಗೆಟ್ಟಿದ್ದು, ದುರಸ್ತಿ ಕಾರ್ಯ ಕೈಗೊಳ್ಳುವಂತೆ ಸ್ಥಳೀಯರು ಮನವಿ ಮಾಡಿದ್ದಾರೆ. ಜನರು ಸಾಮಾಜಿಕ ಮಾಧ್ಯಮಗಳಲ್ಲಿ ಆಕ್ರೋಶ ಹೊರಹಾಕುತ್ತಿದ್ದಾರೆ.
ಗ್ರಾಪಂ ಸದಸ್ಯನ ಬಂಧನ
ಕನ್ನಡ ಜನಶ್ರೀ ಸುದ್ದಿ ಜಾಲ
ರಾಯಬಾಗ: ತಾಲ್ಲೂಕಿನ ಕುಡಚಿಯಲ್ಲಿ ಗುರುವಾರ ನಡೆದ ಜಾನುವಾರು ಸಂಬಂಧ ವ್ಯಾಪಾರಿಯನ್ನು ಗುಂಡು ಹಾರಿಸಿ ಕೊಲೆ ಮಾಡಿದ ಪ್ರಕರಣಕ್ಕೆ ಸಂಬಂಧಿಸಿದಂತೆ ಗ್ರಾಮ ಪಂಚಾಯಿತಿ ಸದಸ್ಯ ಬಾಬಾಜಾನ್ ಕಲೆಮುಂಡಾಸ(48) ಎಂಬುವವರನ್ನು ಪೊಲೀಸರು ಬಂಧಿಸಿದ್ದಾರೆ. ‘ಬಾಬಾಜಾನ್ ಅವರ ಕೈಯಲ್ಲಿ ಬಂದೂಕು ಇದ್ದಿರು, ಗಾಳಿಯಲ್ಲಿ ಗುಂಡು ಹಾರಿಸಿ ಶರೀಫ್ ತಮ್ಮ ಜನರನ್ನು ಉಳಿಸಿಕೊಳ್ಳುತ್ತಿದ್ದಾಗ ಘಟನೆ ನಡೆದಿದೆ. ಈ ಕುರಿತು ತನಿಖೆ ನಡೆಸಲಾಗುತ್ತಿದೆ’ ಎಂದು ಪೊಲೀಸರು ತಿಳಿಸಿದ್ದಾರೆ. ಕುಡಚಿ ಪೊಲೀಸ್ ಠಾಣೆಯಲ್ಲಿ ಪ್ರಕರಣ ದಾಖಲಾಗಿದೆ.
CHANGE OF NAME
I, SMITHA NAGARAJ KULKARNI (Old name) address: KC ROAD HANAGAL. Has changed my name: SMITHA KULKARNI (New name) for all purposes. Vide affidavit dated: 30/06/2025 before notary public Hubli.
CHANGE OF NAME
SAYYED HAROON SUBAN ABDUL JABBAR (Old name) address: KASTURIBA NAGAR SIRSI. Has changed my name: SAYYED HAROON (New name) for all purposes. Vide affidavit dated: 30/06/2025 before notary public Hubli.
CHANGE OF NAME
I, RAJESHWARI BHYRAPURA ELLUR (Old name) address: 2/2/85 MASKI ROAD VENKATARAYAN PET POST LINGASUR AT POST MUDGAL. Has changed my name: RAJESHWARI (New name) for all purposes. Vide affidavit dated: 30/06/2025 before notary public Hubli.
CHANGE OF NAME
I, TOPIK (Old name) address : Narayana Sofa, Hale Hubli. Has changed my name: TOFIK SAGARI (New name) for all purposes. Vide affidavit dated: 28/05/2025 before notary public Hubli.
CHANGE OF NAME
SHREESH SHRIDHAR KALLUR (Old name) address: 71A CHARANTIMATH GARDEN DHARWAD. Has changed my name: SHREESH KALLUR (New name) for all purposes. Vide affidavit dated: 26/06/2025 before notary public Hubli
CHANGE OF NAME
SHRIDHAR KALLUR (Old name) address: 71A CHARANTIMATH GARDEN DHARWAD. Has changed my name: SHRIDHAR NARAYAN KALLUR (new name) for all purposes. Vide affidavit dated: 26/06/2025 before notary public Hubli
